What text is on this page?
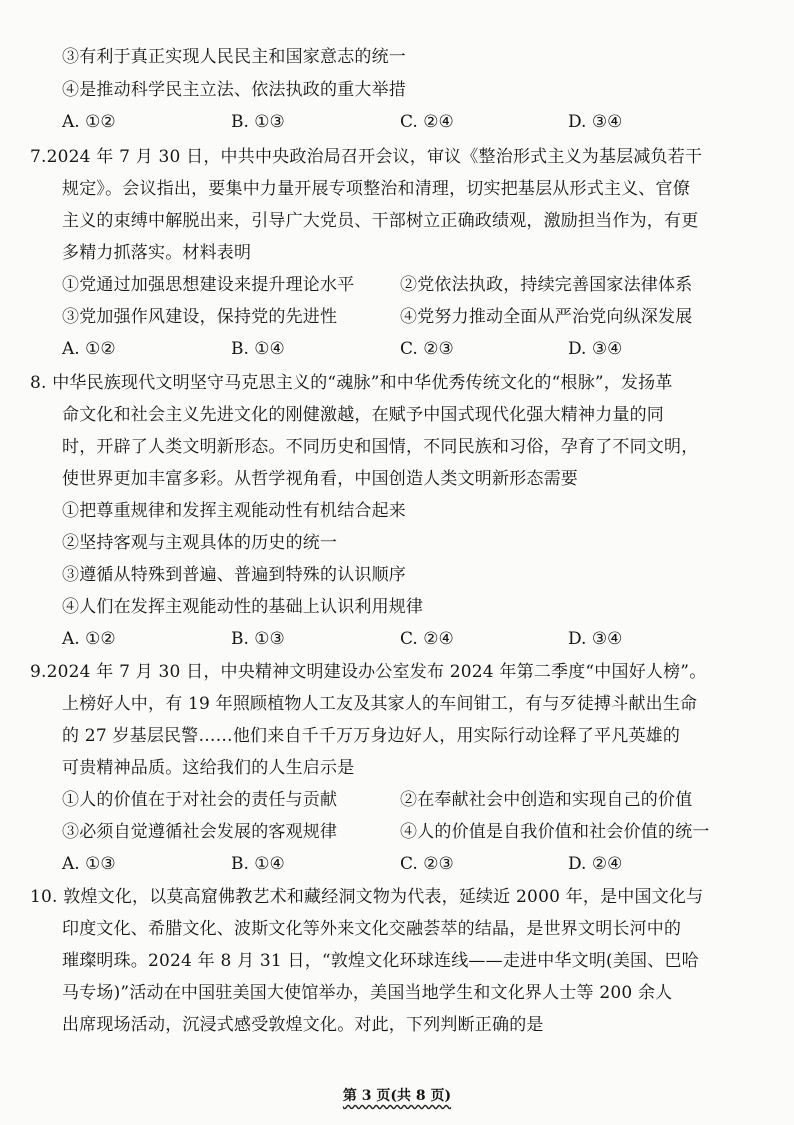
③有利于真正实现人民民主和国家意志的统一
④是推动科学民主立法、依法执政的重大举措
A. ①②	B. ①③	C. ②④	D. ③④
7.2024 年 7 月 30 日，中共中央政治局召开会议，审议《整治形式主义为基层减负若干
规定》。会议指出，要集中力量开展专项整治和清理，切实把基层从形式主义、官僚
主义的束缚中解脱出来，引导广大党员、干部树立正确政绩观，激励担当作为，有更
多精力抓落实。材料表明
①党通过加强思想建设来提升理论水平	②党依法执政，持续完善国家法律体系
③党加强作风建设，保持党的先进性	④党努力推动全面从严治党向纵深发展
A. ①②	B. ①④	C. ②③	D. ③④
8. 中华民族现代文明坚守马克思主义的“魂脉”和中华优秀传统文化的“根脉”，发扬革
命文化和社会主义先进文化的刚健激越，在赋予中国式现代化强大精神力量的同
时，开辟了人类文明新形态。不同历史和国情，不同民族和习俗，孕育了不同文明，
使世界更加丰富多彩。从哲学视角看，中国创造人类文明新形态需要
①把尊重规律和发挥主观能动性有机结合起来
②坚持客观与主观具体的历史的统一
③遵循从特殊到普遍、普遍到特殊的认识顺序
④人们在发挥主观能动性的基础上认识利用规律
A. ①②	B. ①③	C. ②④	D. ③④
9.2024 年 7 月 30 日，中央精神文明建设办公室发布 2024 年第二季度“中国好人榜”。
上榜好人中，有 19 年照顾植物人工友及其家人的车间钳工，有与歹徒搏斗献出生命
的 27 岁基层民警……他们来自千千万万身边好人，用实际行动诠释了平凡英雄的
可贵精神品质。这给我们的人生启示是
①人的价值在于对社会的责任与贡献	②在奉献社会中创造和实现自己的价值
③必须自觉遵循社会发展的客观规律	④人的价值是自我价值和社会价值的统一
A. ①③	B. ①④	C. ②③	D. ②④
10. 敦煌文化，以莫高窟佛教艺术和藏经洞文物为代表，延续近 2000 年，是中国文化与
印度文化、希腊文化、波斯文化等外来文化交融荟萃的结晶，是世界文明长河中的
璀璨明珠。2024 年 8 月 31 日，“敦煌文化环球连线——走进中华文明(美国、巴哈
马专场)”活动在中国驻美国大使馆举办，美国当地学生和文化界人士等 200 余人
出席现场活动，沉浸式感受敦煌文化。对此，下列判断正确的是
第 3 页(共 8 页)
